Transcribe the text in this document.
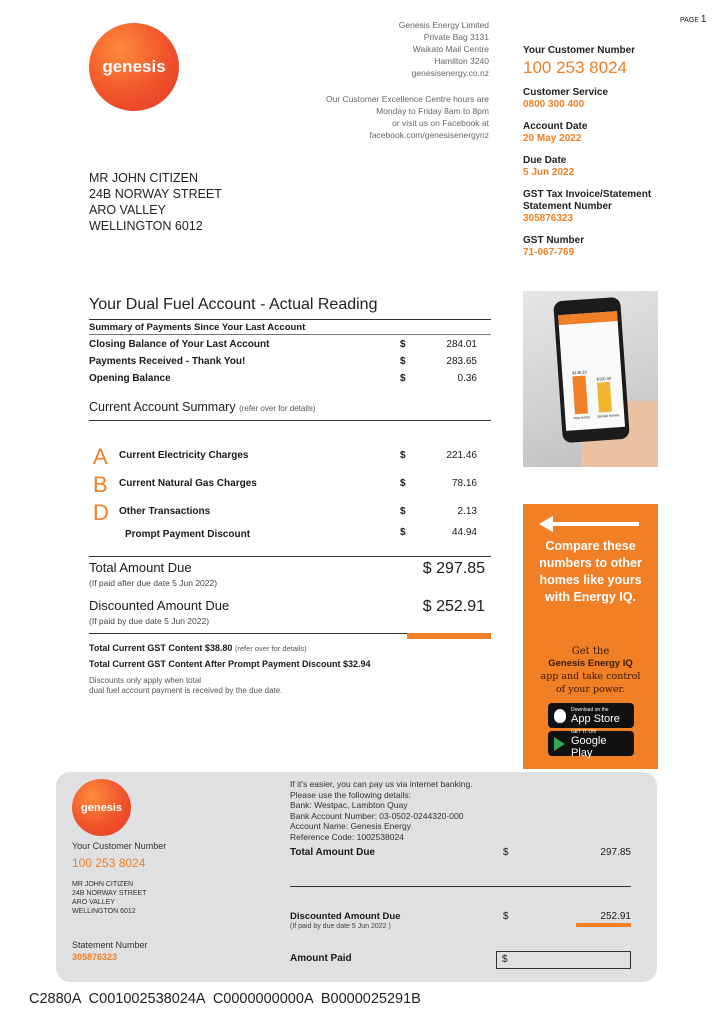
PAGE 1
genesis
Genesis Energy Limited
Private Bag 3131
Waikato Mail Centre
Hamilton 3240
genesisenergy.co.nz
Our Customer Excellence Centre hours are
Monday to Friday 8am to 8pm
or visit us on Facebook at
facebook.com/genesisenergynz
Your Customer Number
100 253 8024
Customer Service
0800 300 400
Account Date
20 May 2022
Due Date
5 Jun 2022
GST Tax Invoice/Statement
Statement Number
305876323
GST Number
71-067-769
MR JOHN CITIZEN
24B NORWAY STREET
ARO VALLEY
WELLINGTON 6012
Your Dual Fuel Account - Actual Reading
Summary of Payments Since Your Last Account
Closing Balance of Your Last Account	$	284.01
Payments Received - Thank You!	$	283.65
Opening Balance	$	0.36
Current Account Summary (refer over for details)
A Current Electricity Charges	$	221.46
B Current Natural Gas Charges	$	78.16
D Other Transactions	$	2.13
Prompt Payment Discount	$	44.94
Total Amount Due
(If paid after due date 5 Jun 2022)
$ 297.85
Discounted Amount Due
(If paid by due date 5 Jun 2022)
$ 252.91
Total Current GST Content $38.80 (refer over for details)
Total Current GST Content After Prompt Payment Discount $32.94
Discounts only apply when total
dual fuel account payment is received by the due date.
$148.33
$100.30
Your home Similar homes
Compare these numbers to other homes like yours with Energy IQ.
Get the
Genesis Energy IQ
app and take control
of your power.
Download on the
App Store
GET IT ON
Google Play
genesis
Your Customer Number
100 253 8024
MR JOHN CITIZEN
24B NORWAY STREET
ARO VALLEY
WELLINGTON 6012
Statement Number
305876323
If it's easier, you can pay us via internet banking.
Please use the following details:
Bank: Westpac, Lambton Quay
Bank Account Number: 03-0502-0244320-000
Account Name: Genesis Energy
Reference Code: 1002538024
Total Amount Due	$	297.85
Discounted Amount Due
(If paid by due date 5 Jun 2022 )
$	252.91
Amount Paid	$
C2880A  C001002538024A  C0000000000A  B0000025291B
